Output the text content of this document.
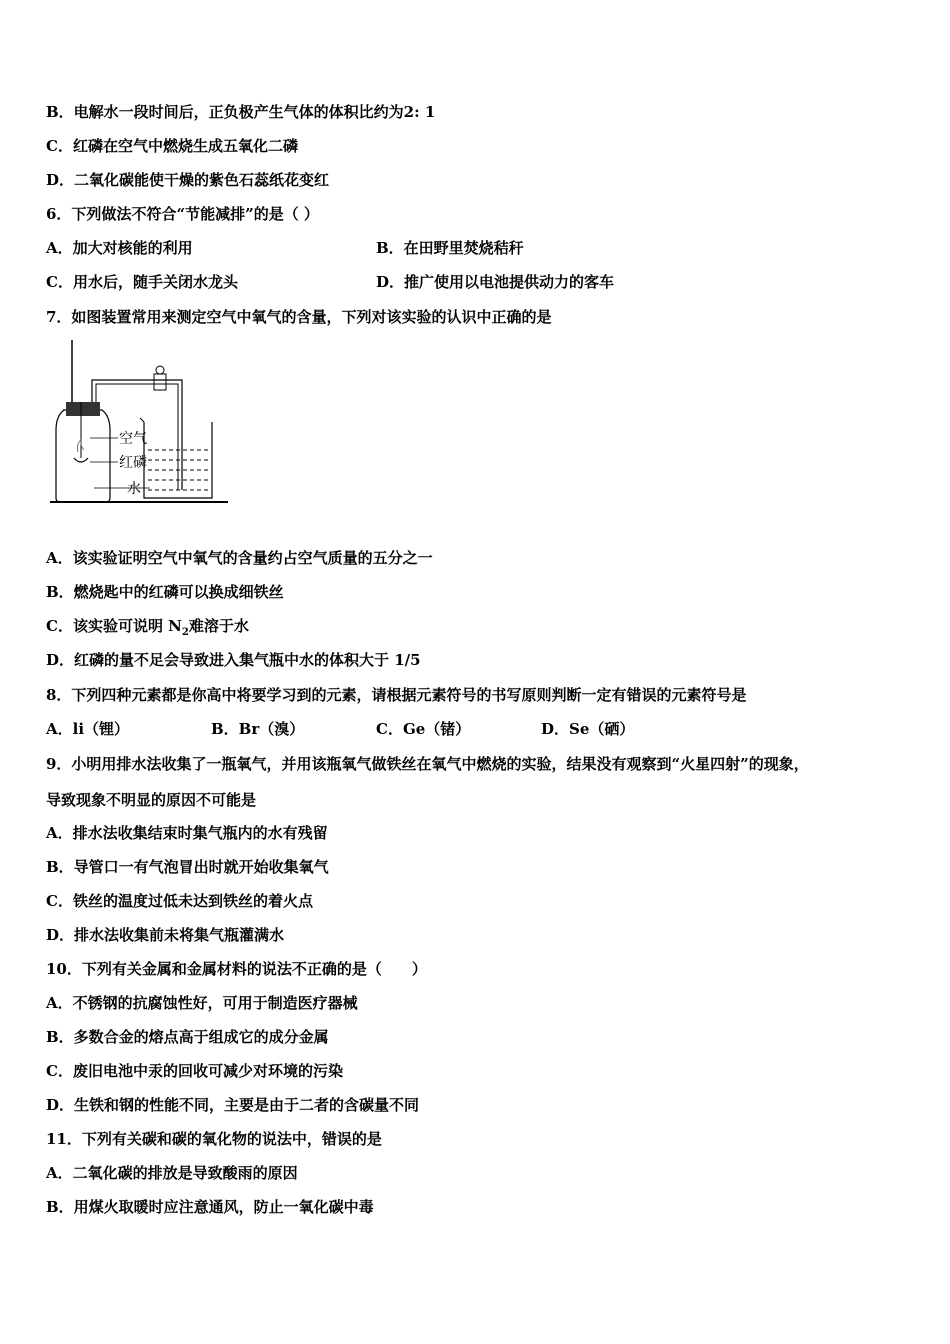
B．电解水一段时间后，正负极产生气体的体积比约为2: 1
C．红磷在空气中燃烧生成五氧化二磷
D．二氧化碳能使干燥的紫色石蕊纸花变红
6．下列做法不符合“节能减排”的是（ ）
A．加大对核能的利用	B．在田野里焚烧秸秆
C．用水后，随手关闭水龙头	D．推广使用以电池提供动力的客车
7．如图装置常用来测定空气中氧气的含量，下列对该实验的认识中正确的是
空气
红磷
水
A．该实验证明空气中氧气的含量约占空气质量的五分之一
B．燃烧匙中的红磷可以换成细铁丝
C．该实验可说明 $N_2$难溶于水
D．红磷的量不足会导致进入集气瓶中水的体积大于 1/5
8．下列四种元素都是你高中将要学习到的元素，请根据元素符号的书写原则判断一定有错误的元素符号是
A．li（锂）	B．Br（溴）	C．Ge（锗）	D．Se（硒）
9．小明用排水法收集了一瓶氧气，并用该瓶氧气做铁丝在氧气中燃烧的实验，结果没有观察到“火星四射”的现象，
导致现象不明显的原因不可能是
A．排水法收集结束时集气瓶内的水有残留
B．导管口一有气泡冒出时就开始收集氧气
C．铁丝的温度过低未达到铁丝的着火点
D．排水法收集前未将集气瓶灌满水
10．下列有关金属和金属材料的说法不正确的是（　　）
A．不锈钢的抗腐蚀性好，可用于制造医疗器械
B．多数合金的熔点高于组成它的成分金属
C．废旧电池中汞的回收可减少对环境的污染
D．生铁和钢的性能不同，主要是由于二者的含碳量不同
11．下列有关碳和碳的氧化物的说法中，错误的是
A．二氧化碳的排放是导致酸雨的原因
B．用煤火取暖时应注意通风，防止一氧化碳中毒
